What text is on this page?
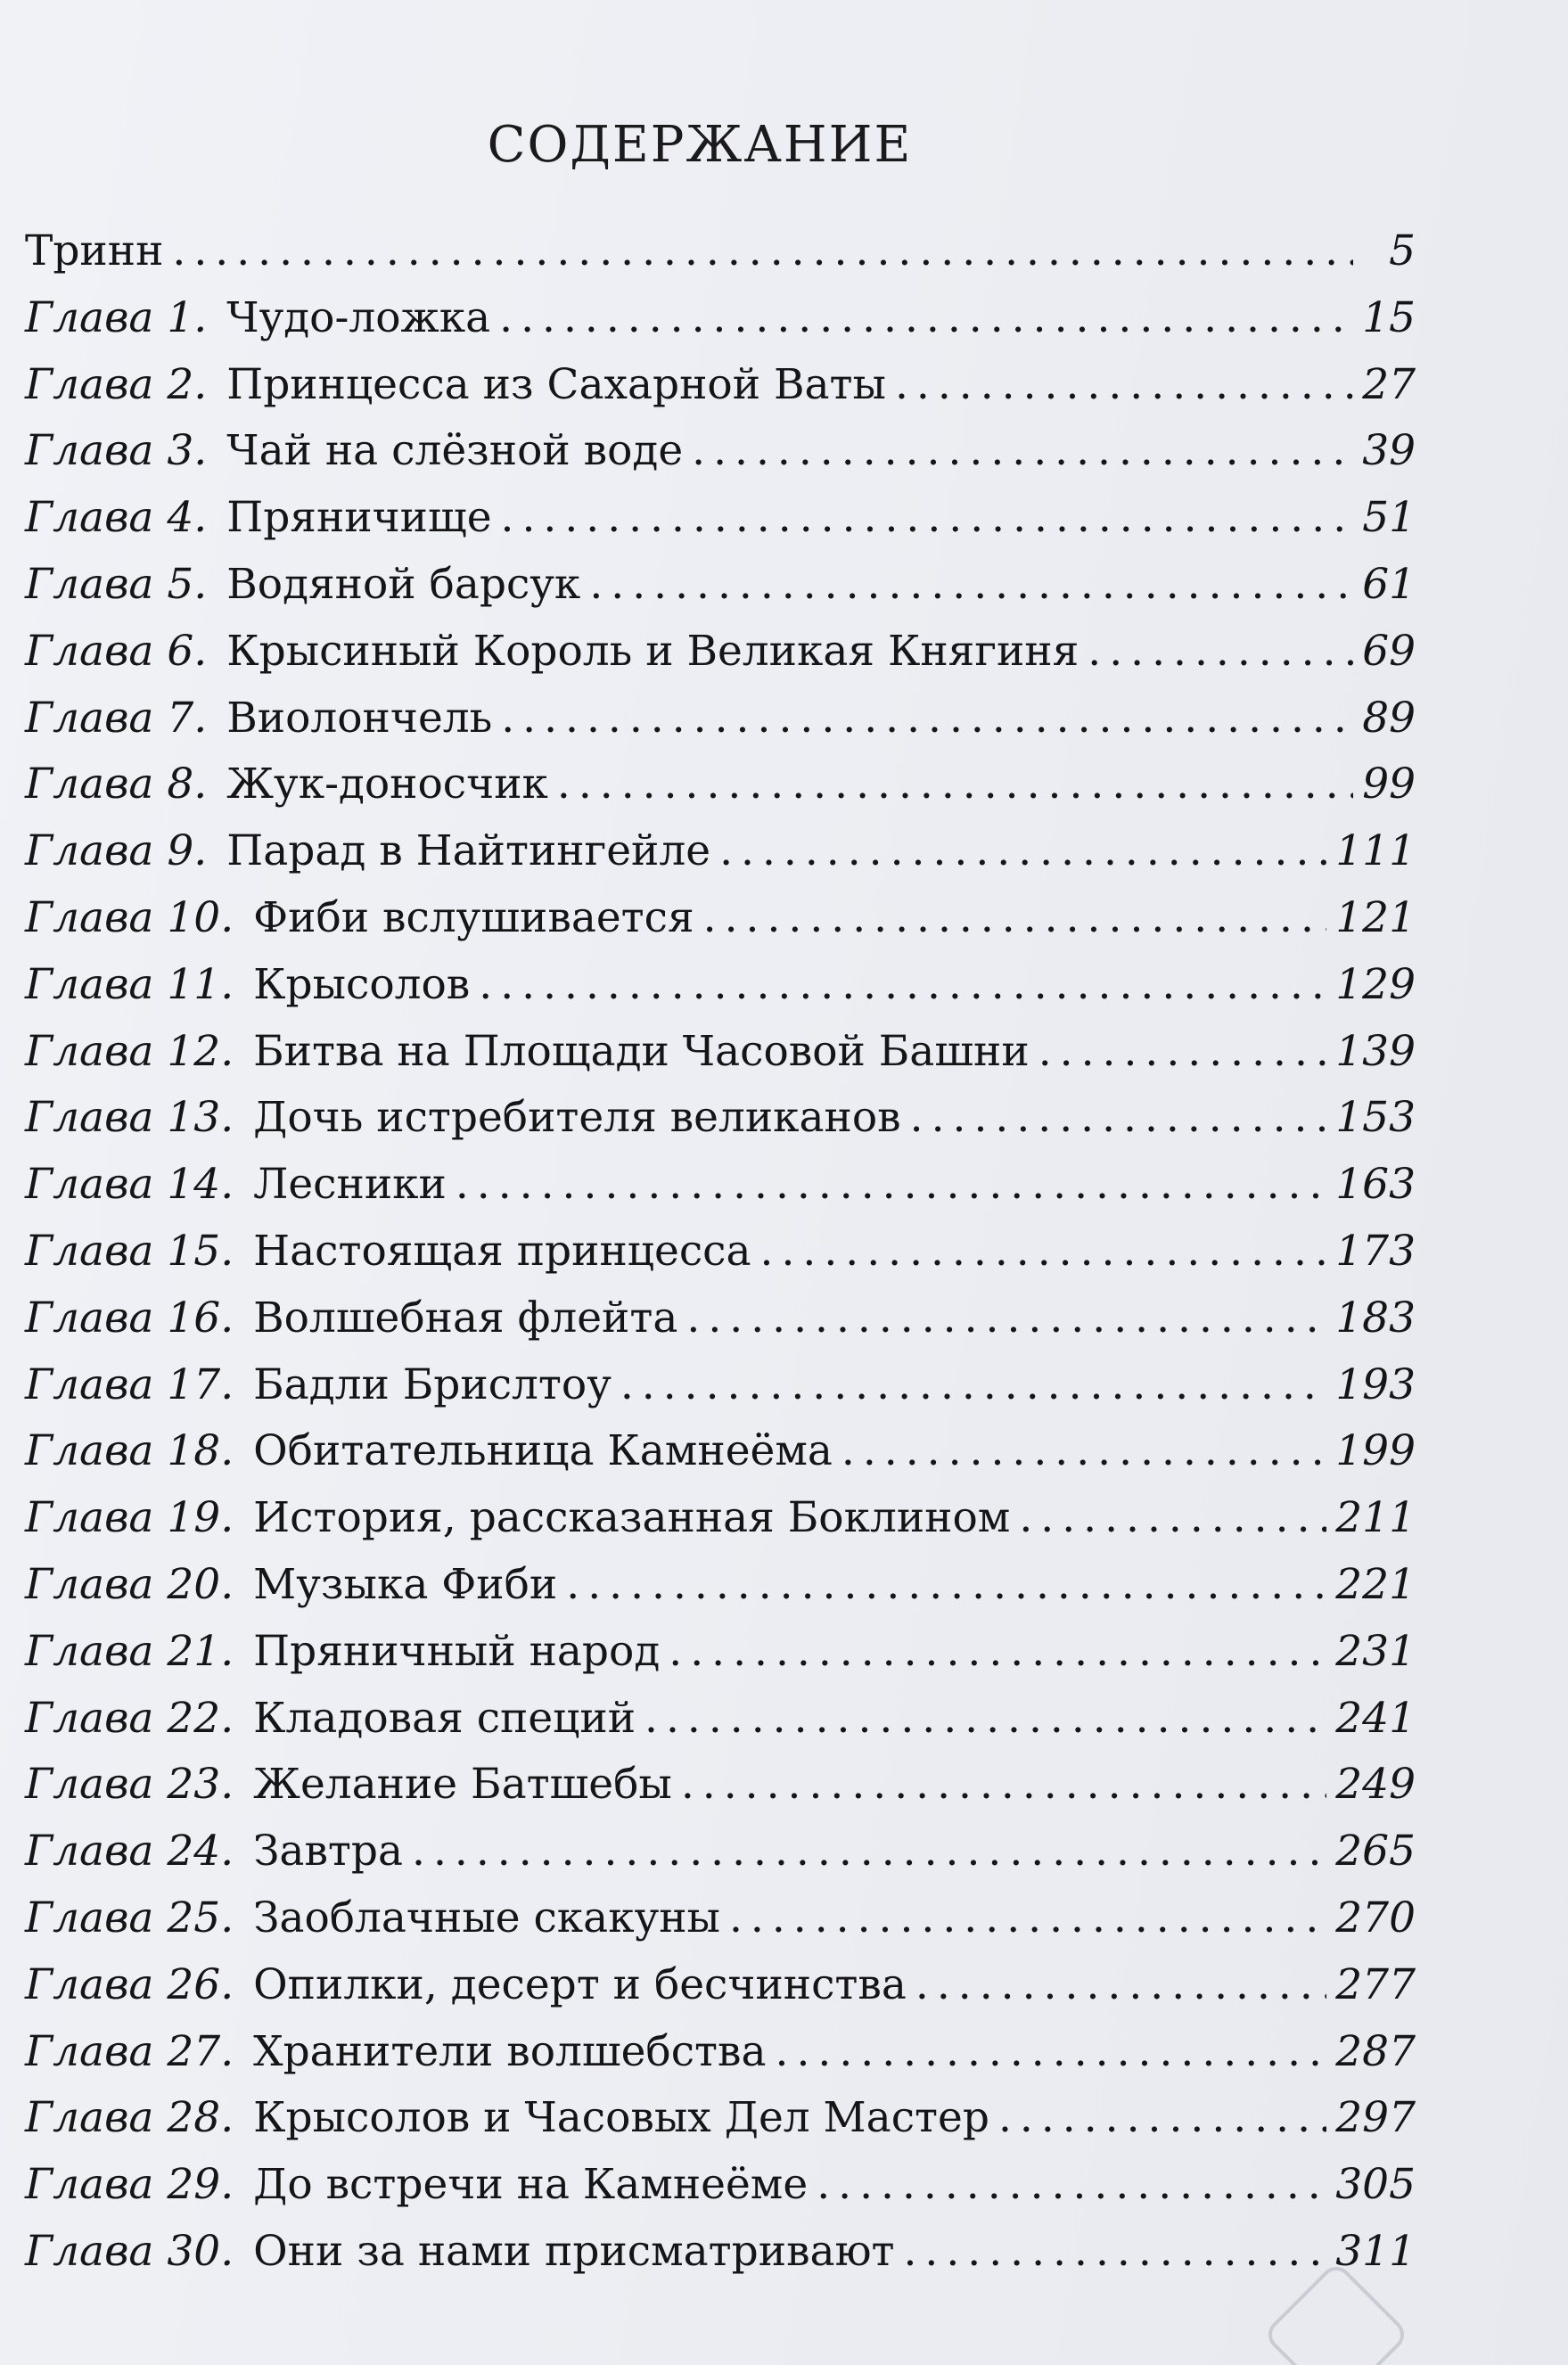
СОДЕРЖАНИЕ
Тринн .....	5
Глава 1. Чудо-ложка .....	15
Глава 2. Принцесса из Сахарной Ваты .....	27
Глава 3. Чай на слёзной воде .....	39
Глава 4. Пряничище .....	51
Глава 5. Водяной барсук .....	61
Глава 6. Крысиный Король и Великая Княгиня .....	69
Глава 7. Виолончель .....	89
Глава 8. Жук-доносчик .....	99
Глава 9. Парад в Найтингейле .....	111
Глава 10. Фиби вслушивается .....	121
Глава 11. Крысолов .....	129
Глава 12. Битва на Площади Часовой Башни .....	139
Глава 13. Дочь истребителя великанов .....	153
Глава 14. Лесники .....	163
Глава 15. Настоящая принцесса .....	173
Глава 16. Волшебная флейта .....	183
Глава 17. Бадли Брислтоу .....	193
Глава 18. Обитательница Камнеёма .....	199
Глава 19. История, рассказанная Боклином .....	211
Глава 20. Музыка Фиби .....	221
Глава 21. Пряничный народ .....	231
Глава 22. Кладовая специй .....	241
Глава 23. Желание Батшебы .....	249
Глава 24. Завтра .....	265
Глава 25. Заоблачные скакуны .....	270
Глава 26. Опилки, десерт и бесчинства .....	277
Глава 27. Хранители волшебства .....	287
Глава 28. Крысолов и Часовых Дел Мастер .....	297
Глава 29. До встречи на Камнеёме .....	305
Глава 30. Они за нами присматривают .....	311
